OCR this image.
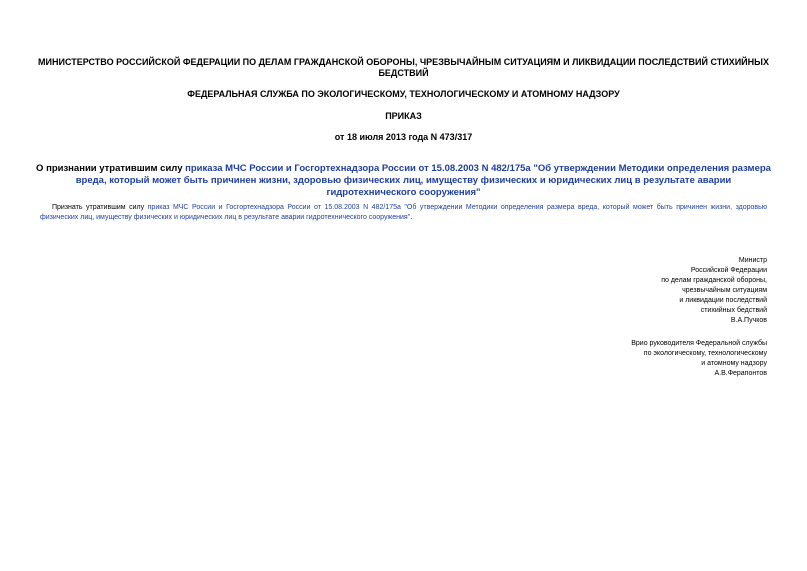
МИНИСТЕРСТВО РОССИЙСКОЙ ФЕДЕРАЦИИ ПО ДЕЛАМ ГРАЖДАНСКОЙ ОБОРОНЫ, ЧРЕЗВЫЧАЙНЫМ СИТУАЦИЯМ И ЛИКВИДАЦИИ ПОСЛЕДСТВИЙ СТИХИЙНЫХ БЕДСТВИЙ
ФЕДЕРАЛЬНАЯ СЛУЖБА ПО ЭКОЛОГИЧЕСКОМУ, ТЕХНОЛОГИЧЕСКОМУ И АТОМНОМУ НАДЗОРУ
ПРИКАЗ
от 18 июля 2013 года N 473/317
О признании утратившим силу приказа МЧС России и Госгортехнадзора России от 15.08.2003 N 482/175а "Об утверждении Методики определения размера вреда, который может быть причинен жизни, здоровью физических лиц, имуществу физических и юридических лиц в результате аварии гидротехнического сооружения"
Признать утратившим силу приказ МЧС России и Госгортехнадзора России от 15.08.2003 N 482/175а "Об утверждении Методики определения размера вреда, который может быть причинен жизни, здоровью физических лиц, имуществу физических и юридических лиц в результате аварии гидротехнического сооружения".
Министр
Российской Федерации
по делам гражданской обороны,
чрезвычайным ситуациям
и ликвидации последствий
стихийных бедствий
В.А.Пучков
Врио руководителя Федеральной службы
по экологическому, технологическому
и атомному надзору
А.В.Ферапонтов
